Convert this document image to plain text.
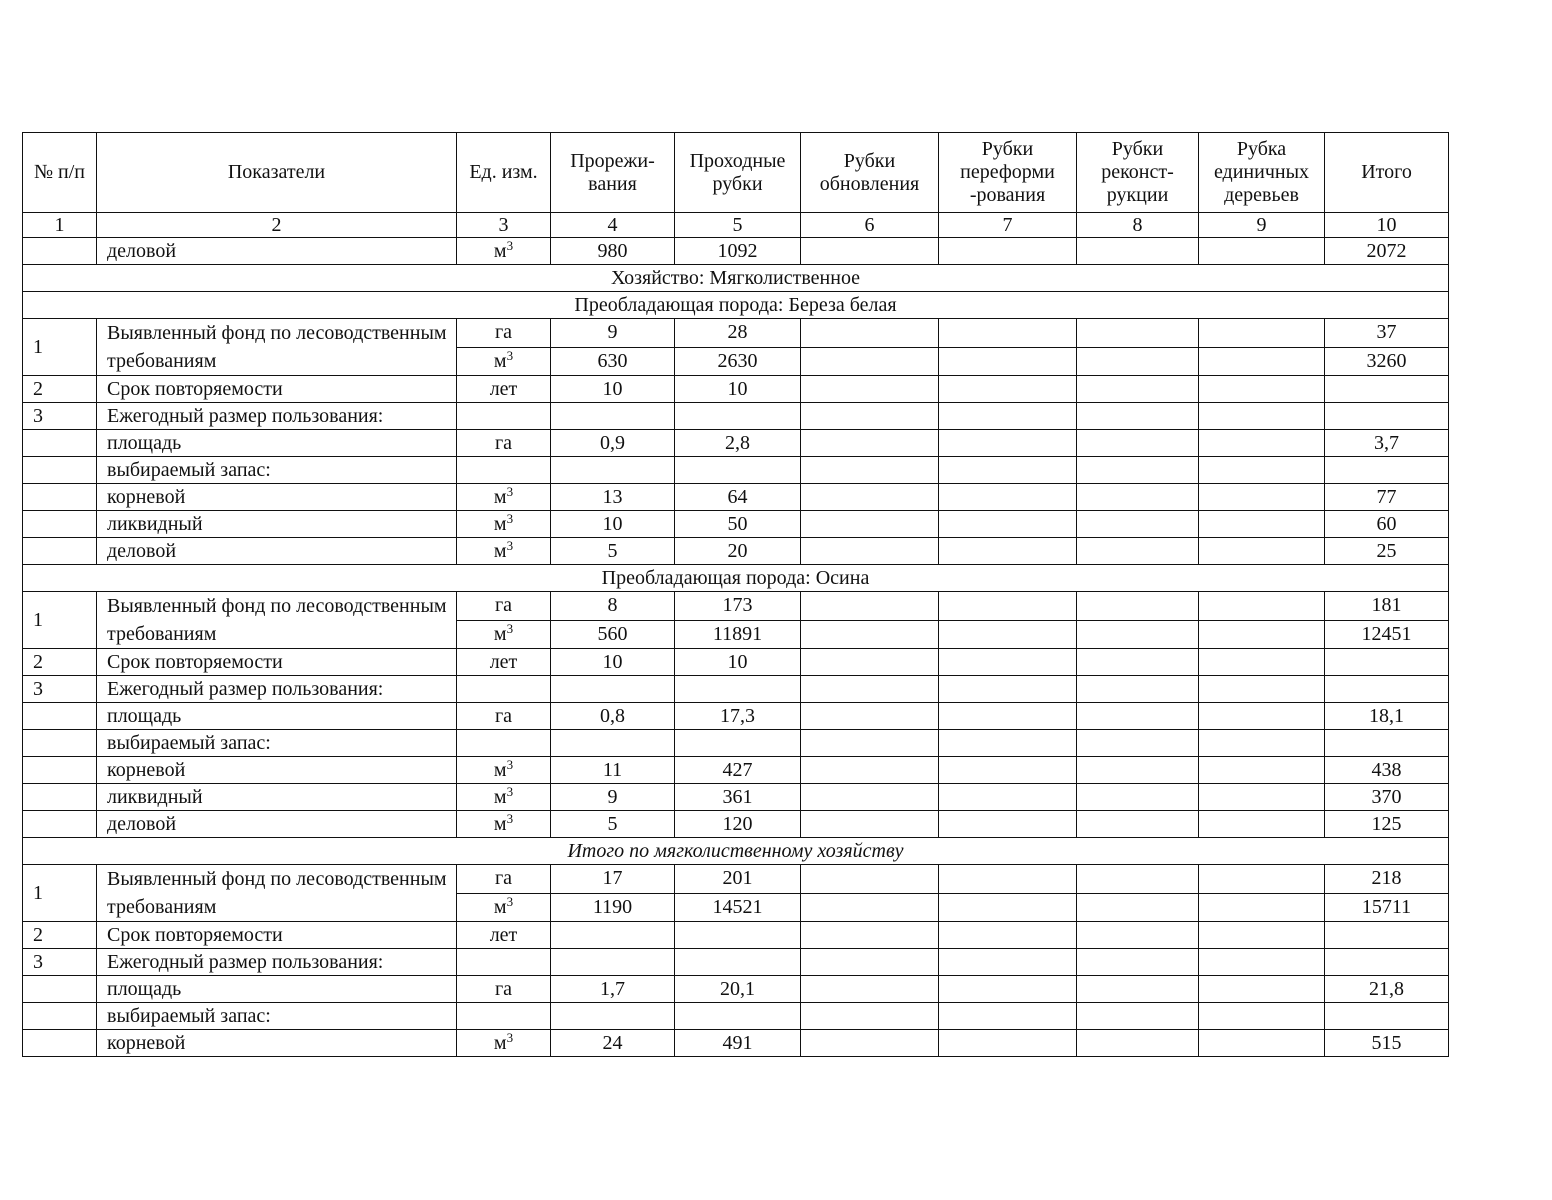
№ п/п	Показатели	Ед. изм.	Прорежи-вания	Проходные рубки	Рубки обновления	Рубки переформи -рования	Рубки реконст-рукции	Рубка единичных деревьев	Итого
1	2	3	4	5	6	7	8	9	10
	деловой	$м^3$	980	1092					2072
Хозяйство: Мягколиственное									
Преобладающая порода: Береза белая									
1	Выявленный фонд по лесоводственным требованиям	га	9	28					37
		$м^3$	630	2630					3260
2	Срок повторяемости	лет	10	10					
3	Ежегодный размер пользования:								
	площадь	га	0,9	2,8					3,7
	выбираемый запас:								
	корневой	$м^3$	13	64					77
	ликвидный	$м^3$	10	50					60
	деловой	$м^3$	5	20					25
Преобладающая порода: Осина									
1	Выявленный фонд по лесоводственным требованиям	га	8	173					181
		$м^3$	560	11891					12451
2	Срок повторяемости	лет	10	10					
3	Ежегодный размер пользования:								
	площадь	га	0,8	17,3					18,1
	выбираемый запас:								
	корневой	$м^3$	11	427					438
	ликвидный	$м^3$	9	361					370
	деловой	$м^3$	5	120					125
Итого по мягколиственному хозяйству									
1	Выявленный фонд по лесоводственным требованиям	га	17	201					218
		$м^3$	1190	14521					15711
2	Срок повторяемости	лет							
3	Ежегодный размер пользования:								
	площадь	га	1,7	20,1					21,8
	выбираемый запас:								
	корневой	$м^3$	24	491					515
